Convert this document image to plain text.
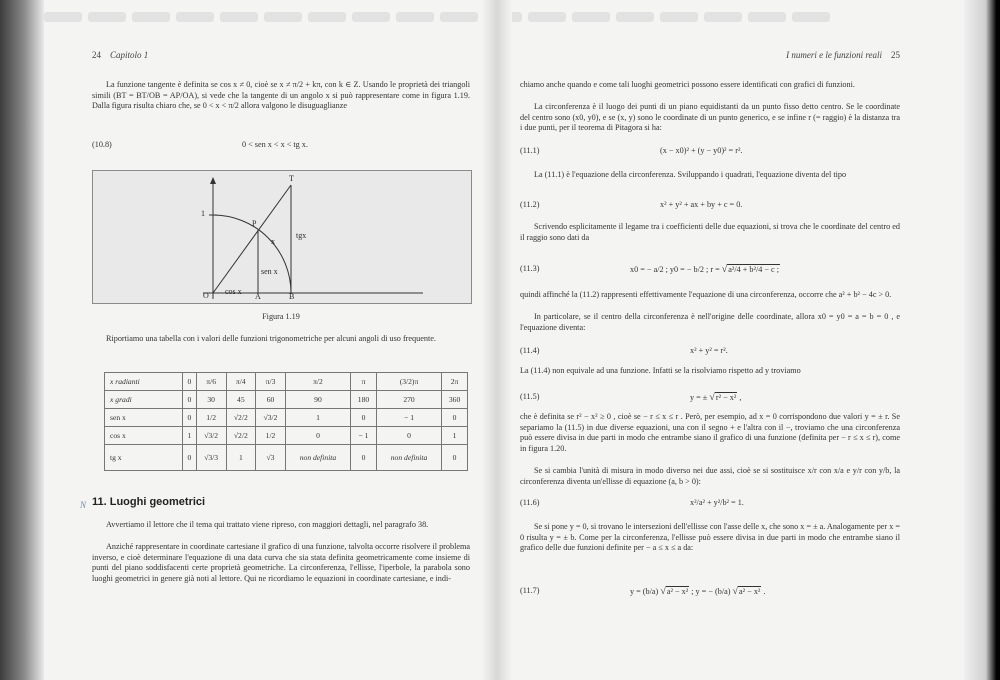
24 Capitolo 1
La funzione tangente è definita se cos x ≠ 0, cioè se x ≠ π/2 + kπ, con k ∈ Z. Usando le proprietà dei triangoli simili (BT = BT/OB = AP/OA), si vede che la tangente di un angolo x si può rappresentare come in figura 1.19. Dalla figura risulta chiaro che, se 0 < x < π/2 allora valgono le disuguaglianze
(10.8)	0 < sen x < x < tg x.
1
T
P
x
tgx
sen x
O cos x
A	B
Figura 1.19
Riportiamo una tabella con i valori delle funzioni trigonometriche per alcuni angoli di uso frequente.
x radianti	0	π/6	π/4	π/3	π/2	π	(3/2)π	2π
x gradi	0	30	45	60	90	180	270	360
sen x	0	1/2	√2/2	√3/2	1	0	− 1	0
cos x	1	√3/2	√2/2	1/2	0	− 1	0	1
tg x	0	√3/3	1	√3	non definita	0	non definita	0
N 11. Luoghi geometrici
Avvertiamo il lettore che il tema qui trattato viene ripreso, con maggiori dettagli, nel paragrafo 38.
Anziché rappresentare in coordinate cartesiane il grafico di una funzione, talvolta occorre risolvere il problema inverso, e cioè determinare l'equazione di una data curva che sia stata definita geometricamente come insieme di punti del piano soddisfacenti certe proprietà geometriche. La circonferenza, l'ellisse, l'iperbole, la parabola sono luoghi geometrici in genere già noti al lettore. Qui ne ricordiamo le equazioni in coordinate cartesiane, e indi-
I numeri e le funzioni reali 25
chiamo anche quando e come tali luoghi geometrici possono essere identificati con grafici di funzioni.
La circonferenza è il luogo dei punti di un piano equidistanti da un punto fisso detto centro. Se le coordinate del centro sono (x0, y0), e se (x, y) sono le coordinate di un punto generico, e se infine r (= raggio) è la distanza tra i due punti, per il teorema di Pitagora si ha:
(11.1)	(x − x0)² + (y − y0)² = r².
La (11.1) è l'equazione della circonferenza. Sviluppando i quadrati, l'equazione diventa del tipo
(11.2)	x² + y² + ax + by + c = 0.
Scrivendo esplicitamente il legame tra i coefficienti delle due equazioni, si trova che le coordinate del centro ed il raggio sono dati da
(11.3)	x0 = − a/2 ; y0 = − b/2 ; r = √a²/4 + b²/4 − c ;
quindi affinché la (11.2) rappresenti effettivamente l'equazione di una circonferenza, occorre che a² + b² − 4c > 0.
In particolare, se il centro della circonferenza è nell'origine delle coordinate, allora x0 = y0 = a = b = 0 , e l'equazione diventa:
(11.4)	x² + y² = r².
La (11.4) non equivale ad una funzione. Infatti se la risolviamo rispetto ad y troviamo
(11.5)	y = ± √r² − x² ,
che è definita se r² − x² ≥ 0 , cioè se − r ≤ x ≤ r . Però, per esempio, ad x = 0 corrispondono due valori y = ± r. Se separiamo la (11.5) in due diverse equazioni, una con il segno + e l'altra con il −, troviamo che una circonferenza può essere divisa in due parti in modo che entrambe siano il grafico di una funzione (definita per − r ≤ x ≤ r), come in figura 1.20.
Se si cambia l'unità di misura in modo diverso nei due assi, cioè se si sostituisce x/r con x/a e y/r con y/b, la circonferenza diventa un'ellisse di equazione (a, b > 0):
(11.6)	x²/a² + y²/b² = 1.
Se si pone y = 0, si trovano le intersezioni dell'ellisse con l'asse delle x, che sono x = ± a. Analogamente per x = 0 risulta y = ± b. Come per la circonferenza, l'ellisse può essere divisa in due parti in modo che entrambe siano il grafico delle due funzioni definite per − a ≤ x ≤ a da:
(11.7)	y = (b/a) √a² − x² ; y = − (b/a) √a² − x² .
